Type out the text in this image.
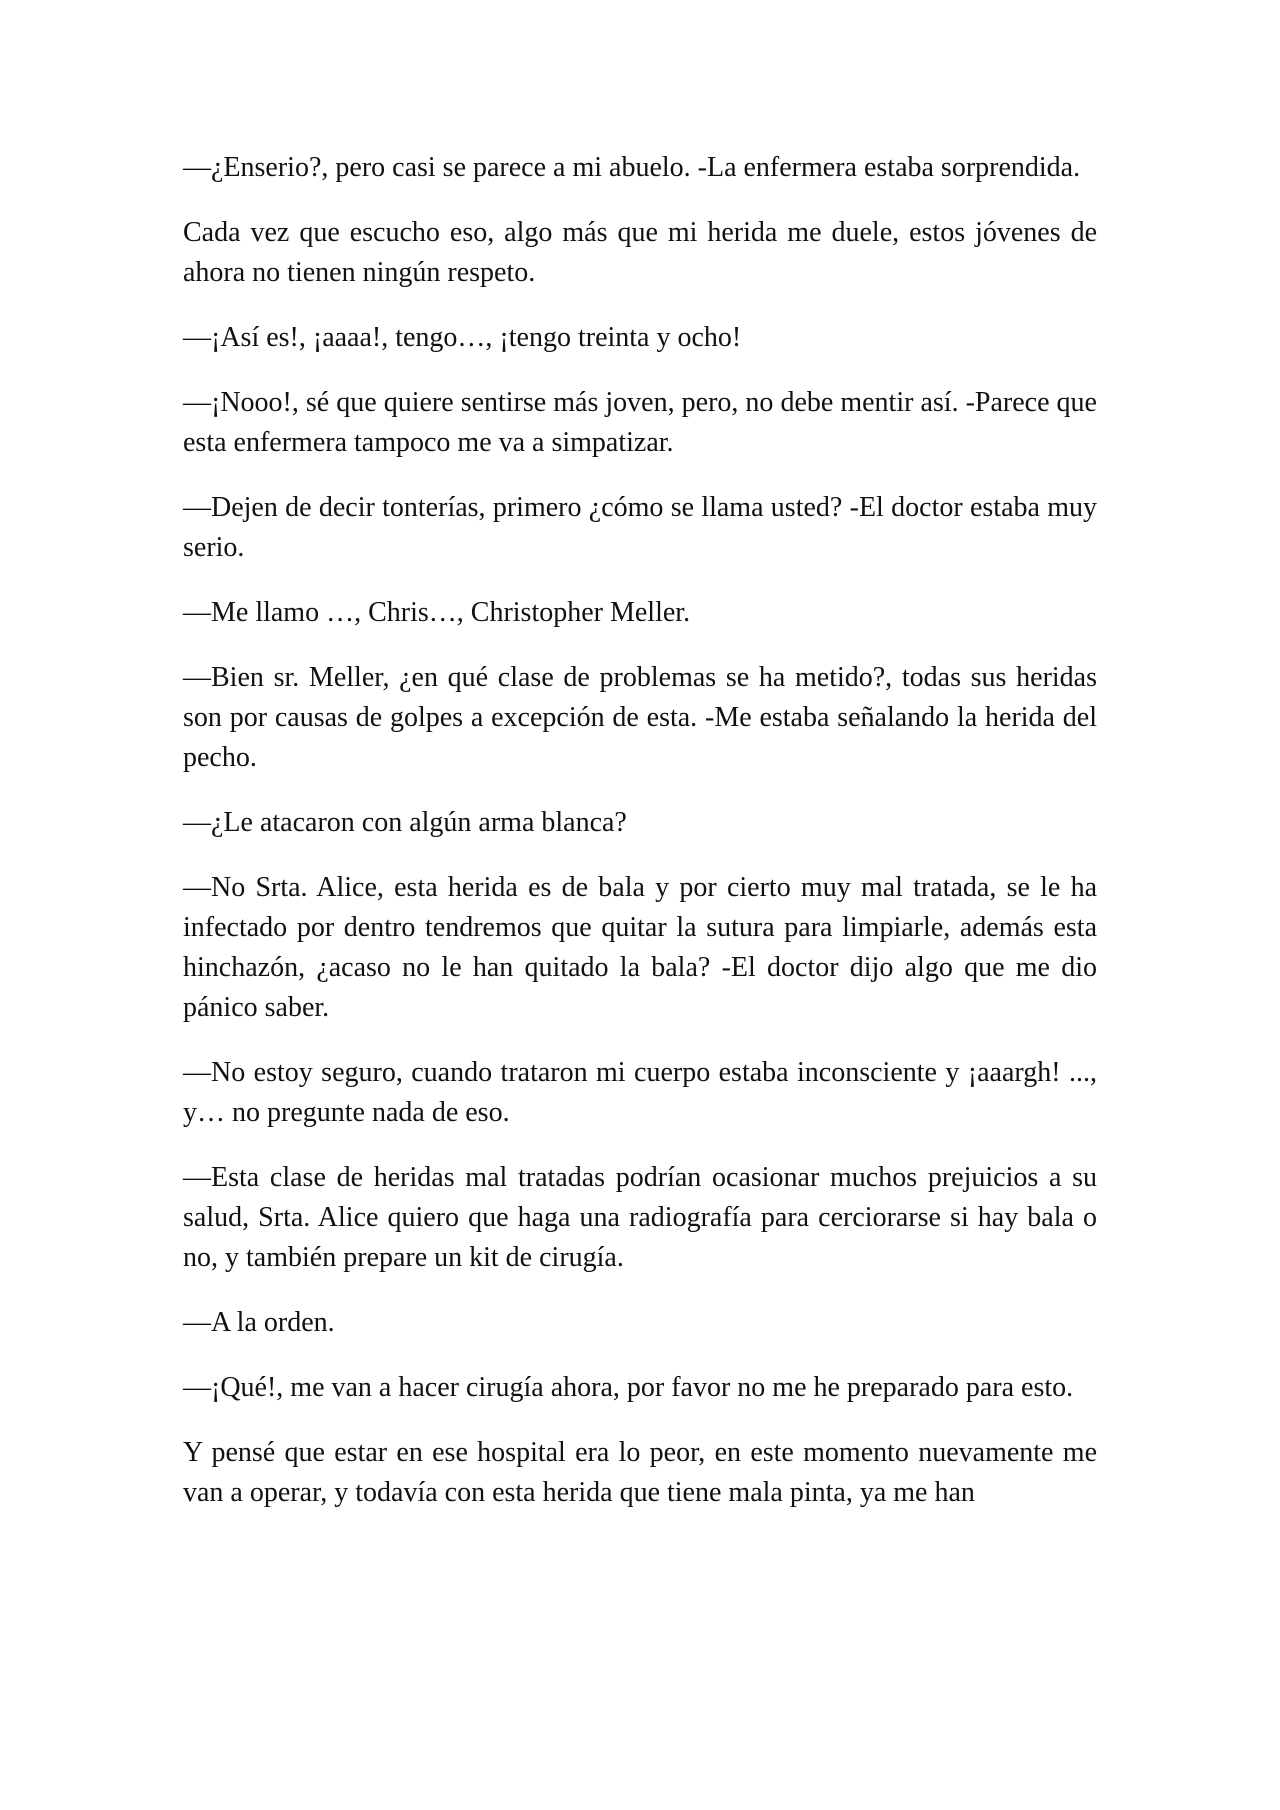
—¿Enserio?, pero casi se parece a mi abuelo. -La enfermera estaba sorprendida.

Cada vez que escucho eso, algo más que mi herida me duele, estos jóvenes de ahora no tienen ningún respeto.

—¡Así es!, ¡aaaa!, tengo…, ¡tengo treinta y ocho!

—¡Nooo!, sé que quiere sentirse más joven, pero, no debe mentir así. -Parece que esta enfermera tampoco me va a simpatizar.

—Dejen de decir tonterías, primero ¿cómo se llama usted? -El doctor estaba muy serio.

—Me llamo …, Chris…, Christopher Meller.

—Bien sr. Meller, ¿en qué clase de problemas se ha metido?, todas sus heridas son por causas de golpes a excepción de esta. -Me estaba señalando la herida del pecho.

—¿Le atacaron con algún arma blanca?

—No Srta. Alice, esta herida es de bala y por cierto muy mal tratada, se le ha infectado por dentro tendremos que quitar la sutura para limpiarle, además esta hinchazón, ¿acaso no le han quitado la bala? -El doctor dijo algo que me dio pánico saber.

—No estoy seguro, cuando trataron mi cuerpo estaba inconsciente y ¡aaargh! ..., y… no pregunte nada de eso.

—Esta clase de heridas mal tratadas podrían ocasionar muchos prejuicios a su salud, Srta. Alice quiero que haga una radiografía para cerciorarse si hay bala o no, y también prepare un kit de cirugía.

—A la orden.

—¡Qué!, me van a hacer cirugía ahora, por favor no me he preparado para esto.

Y pensé que estar en ese hospital era lo peor, en este momento nuevamente me van a operar, y todavía con esta herida que tiene mala pinta, ya me han
